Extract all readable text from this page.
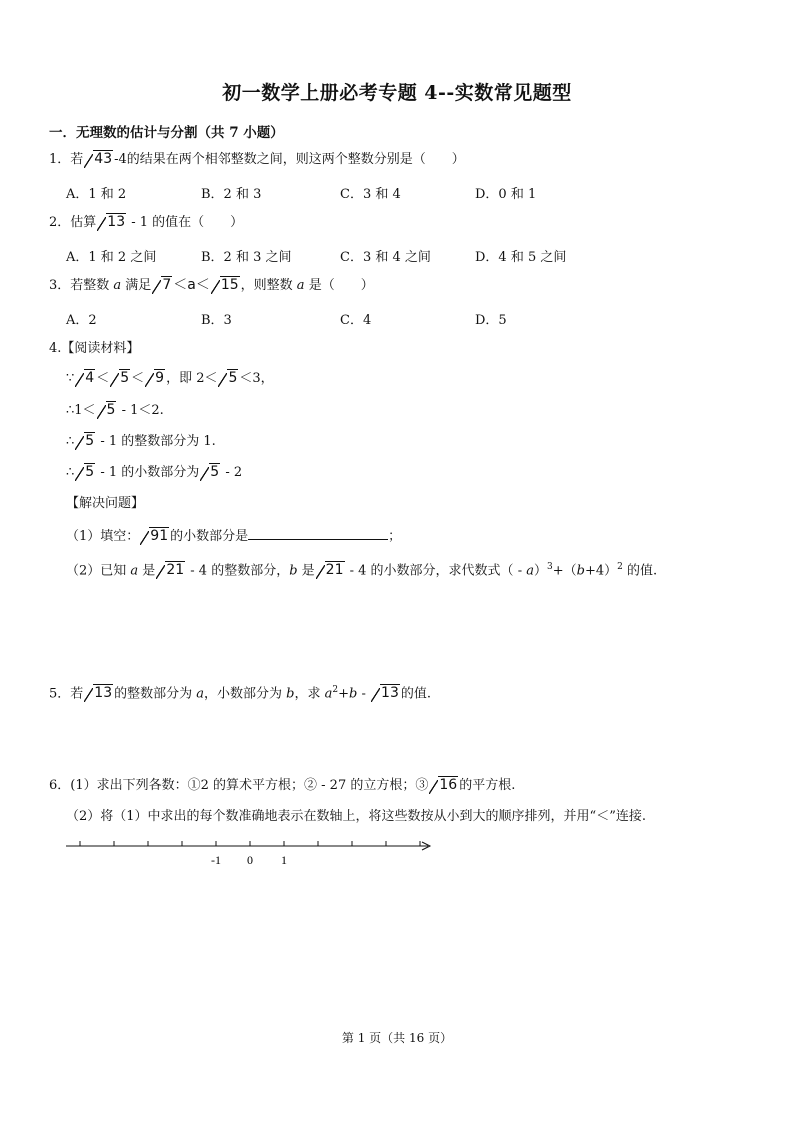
初一数学上册必考专题 4--实数常见题型
一．无理数的估计与分割（共 7 小题）
1．若 43 -4的结果在两个相邻整数之间，则这两个整数分别是（　　）
A．1 和 2	B．2 和 3	C．3 和 4	D．0 和 1
2．估算 13 - 1 的值在（　　）
A．1 和 2 之间	B．2 和 3 之间	C．3 和 4 之间	D．4 和 5 之间
3．若整数 a 满足 7 ＜a＜ 15 ，则整数 a 是（　　）
A．2	B．3	C．4	D．5
4.【阅读材料】
∵ 4 ＜ 5 ＜ 9 ，即 2＜ 5 ＜3，
∴1＜ 5 - 1＜2.
∴ 5 - 1 的整数部分为 1.
∴ 5 - 1 的小数部分为 5 - 2
【解决问题】
（1）填空： 91 的小数部分是	；
（2）已知 a 是 21 - 4 的整数部分，b 是 21 - 4 的小数部分，求代数式（ - $a)^3+(b+4)^2$ 的值.
5．若 13 的整数部分为 a，小数部分为 b，求 $a^2+b - 13$ 的值.
6．(1）求出下列各数：①2 的算术平方根；② - 27 的立方根；③ 16 的平方根.
（2）将（1）中求出的每个数准确地表示在数轴上，将这些数按从小到大的顺序排列，并用“＜”连接.
-1 0 1
第 1 页（共 16 页）
